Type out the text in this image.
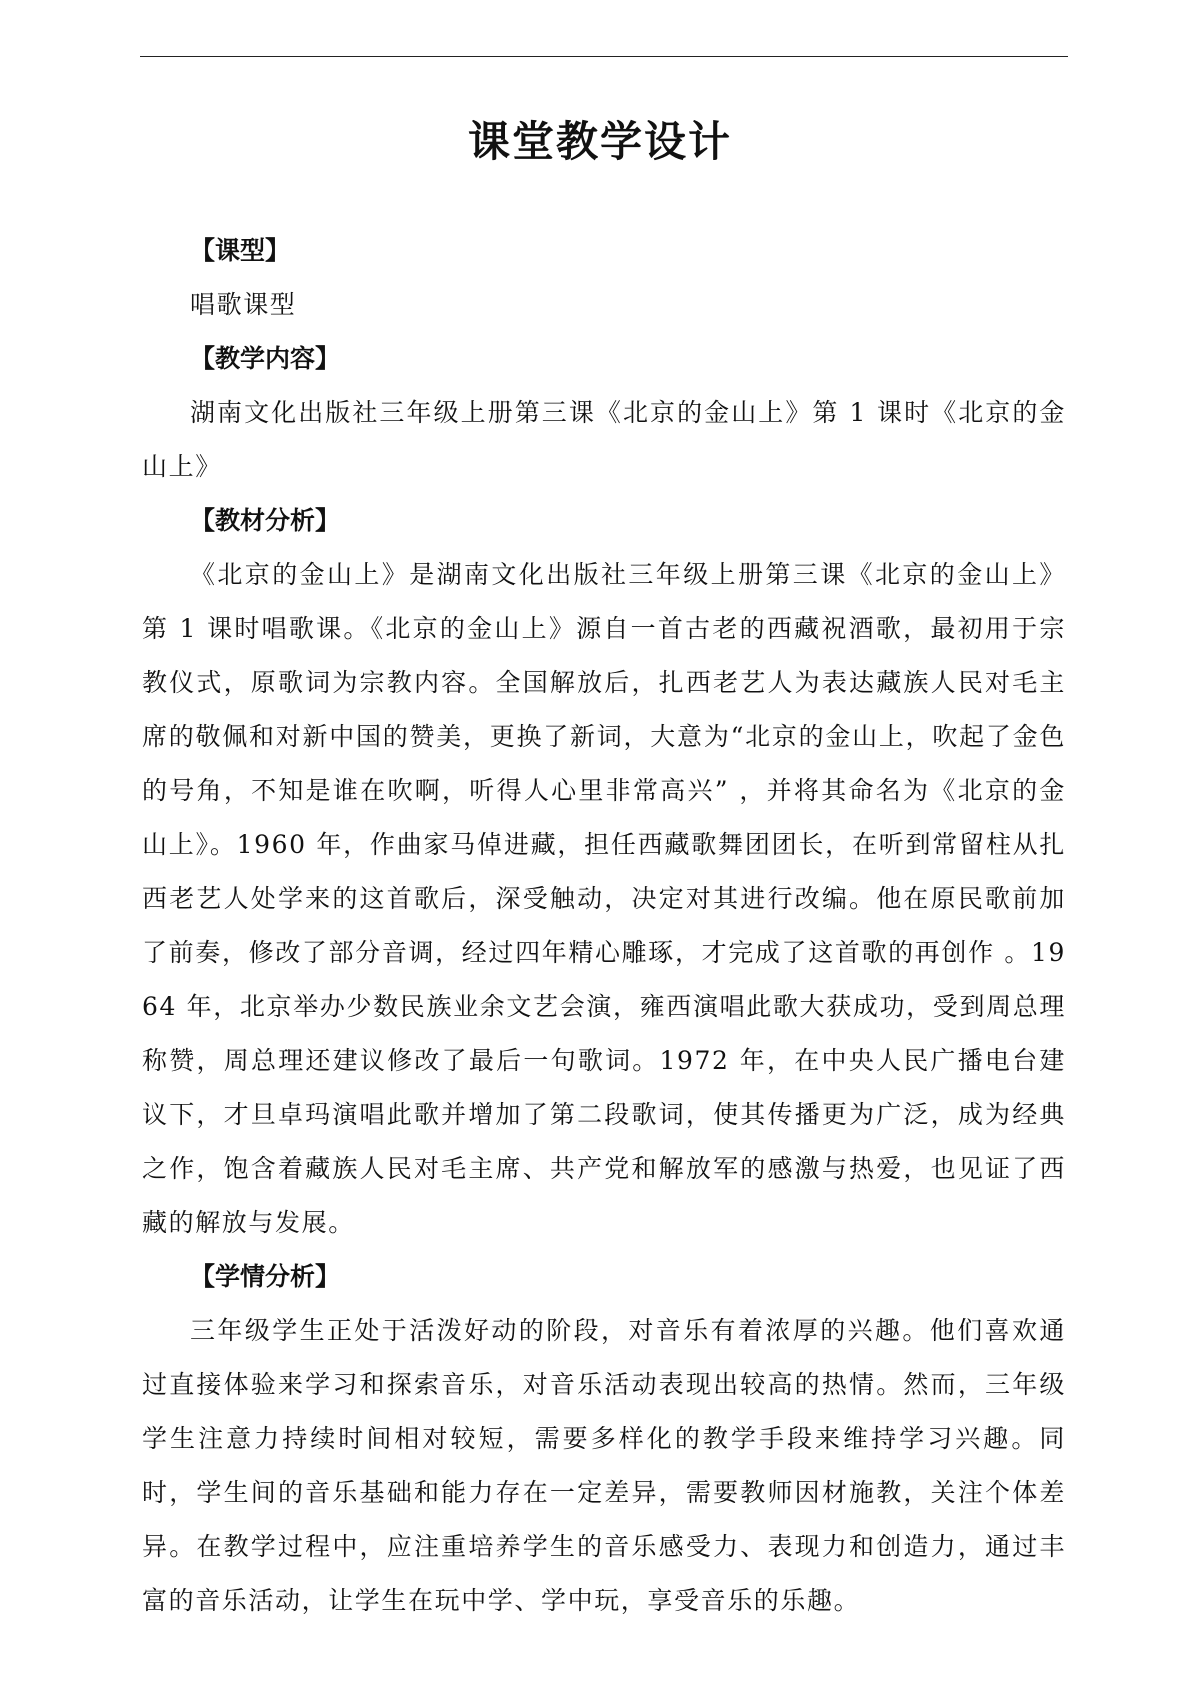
课堂教学设计
【课型】

唱歌课型

【教学内容】

湖南文化出版社三年级上册第三课《北京的金山上》第 1 课时《北京的金山上》

【教材分析】

《北京的金山上》是湖南文化出版社三年级上册第三课《北京的金山上》第 1 课时唱歌课。《北京的金山上》源自一首古老的西藏祝酒歌，最初用于宗教仪式，原歌词为宗教内容。全国解放后，扎西老艺人为表达藏族人民对毛主席的敬佩和对新中国的赞美，更换了新词，大意为“北京的金山上，吹起了金色的号角，不知是谁在吹啊，听得人心里非常高兴” ，并将其命名为《北京的金山上》。1960 年，作曲家马倬进藏，担任西藏歌舞团团长，在听到常留柱从扎西老艺人处学来的这首歌后，深受触动，决定对其进行改编。他在原民歌前加了前奏，修改了部分音调，经过四年精心雕琢，才完成了这首歌的再创作 。1964 年，北京举办少数民族业余文艺会演，雍西演唱此歌大获成功，受到周总理称赞，周总理还建议修改了最后一句歌词。1972 年，在中央人民广播电台建议下，才旦卓玛演唱此歌并增加了第二段歌词，使其传播更为广泛，成为经典之作，饱含着藏族人民对毛主席、共产党和解放军的感激与热爱，也见证了西藏的解放与发展。

【学情分析】

三年级学生正处于活泼好动的阶段，对音乐有着浓厚的兴趣。他们喜欢通过直接体验来学习和探索音乐，对音乐活动表现出较高的热情。然而，三年级学生注意力持续时间相对较短，需要多样化的教学手段来维持学习兴趣。同时，学生间的音乐基础和能力存在一定差异，需要教师因材施教，关注个体差异。在教学过程中，应注重培养学生的音乐感受力、表现力和创造力，通过丰富的音乐活动，让学生在玩中学、学中玩，享受音乐的乐趣。
